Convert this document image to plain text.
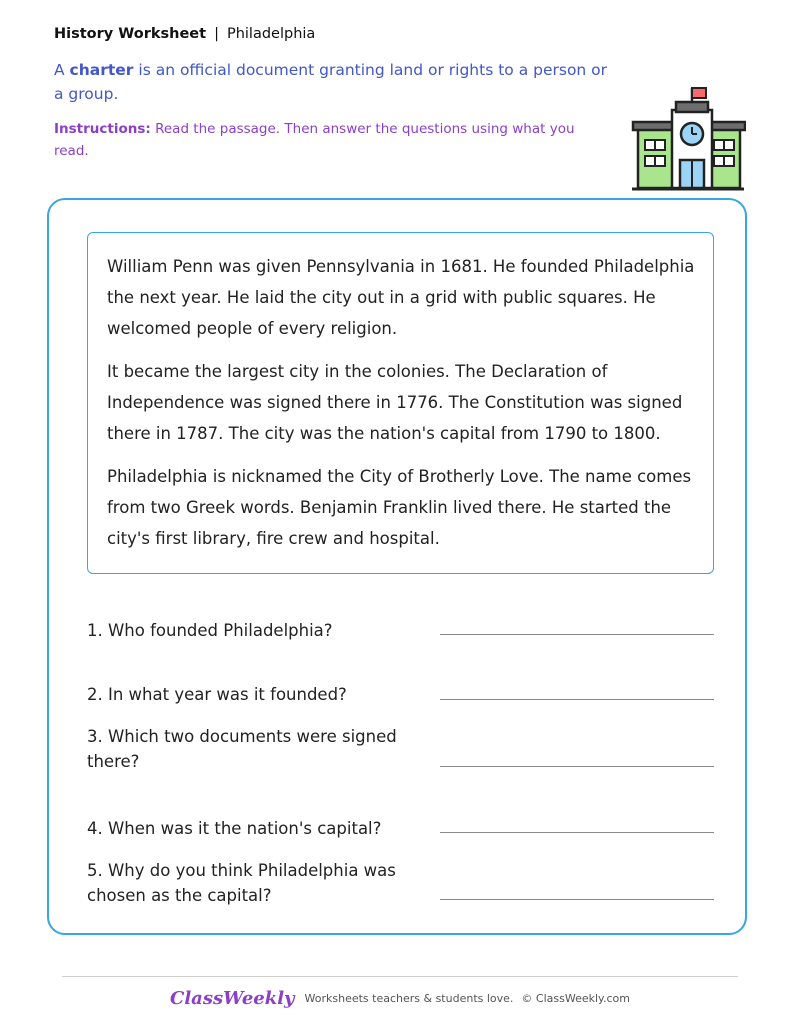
History Worksheet | Philadelphia
A charter is an official document granting land or rights to a person or a group.
Instructions: Read the passage. Then answer the questions using what you read.

William Penn was given Pennsylvania in 1681. He founded Philadelphia the next year. He laid the city out in a grid with public squares. He welcomed people of every religion.

It became the largest city in the colonies. The Declaration of Independence was signed there in 1776. The Constitution was signed there in 1787. The city was the nation's capital from 1790 to 1800.

Philadelphia is nicknamed the City of Brotherly Love. The name comes from two Greek words. Benjamin Franklin lived there. He started the city's first library, fire crew and hospital.

1. Who founded Philadelphia?
2. In what year was it founded?
3. Which two documents were signed there?
4. When was it the nation's capital?
5. Why do you think Philadelphia was chosen as the capital?
ClassWeekly Worksheets teachers & students love. © ClassWeekly.com
